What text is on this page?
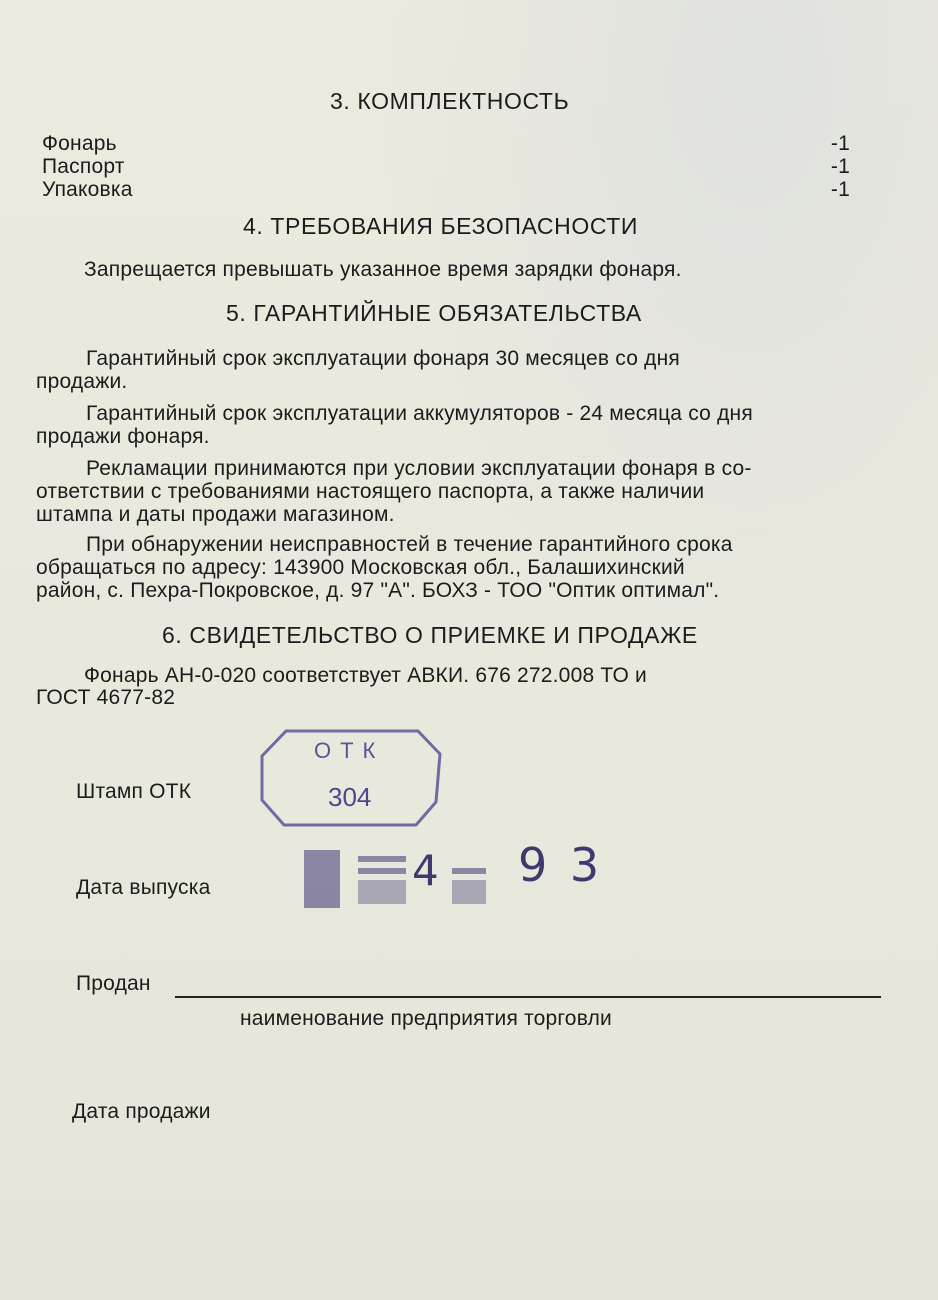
3. КОМПЛЕКТНОСТЬ
Фонарь	-1
Паспорт	-1
Упаковка	-1
4. ТРЕБОВАНИЯ БЕЗОПАСНОСТИ
Запрещается превышать указанное время зарядки фонаря.
5. ГАРАНТИЙНЫЕ ОБЯЗАТЕЛЬСТВА
Гарантийный срок эксплуатации фонаря 30 месяцев со дня
продажи.
Гарантийный срок эксплуатации аккумуляторов - 24 месяца со дня
продажи фонаря.
Рекламации принимаются при условии эксплуатации фонаря в со-
ответствии с требованиями настоящего паспорта, а также наличии
штампа и даты продажи магазином.
При обнаружении неисправностей в течение гарантийного срока
обращаться по адресу: 143900 Московская обл., Балашихинский
район, с. Пехра-Покровское, д. 97 "А". БОХЗ - ТОО "Оптик оптимал".
6. СВИДЕТЕЛЬСТВО О ПРИЕМКЕ И ПРОДАЖЕ
Фонарь АН-0-020 соответствует АВКИ. 676 272.008 ТО и
ГОСТ 4677-82
Штамп ОТК
ОТК
304
Дата выпуска	4 9 3
Продан
наименование предприятия торговли
Дата продажи
